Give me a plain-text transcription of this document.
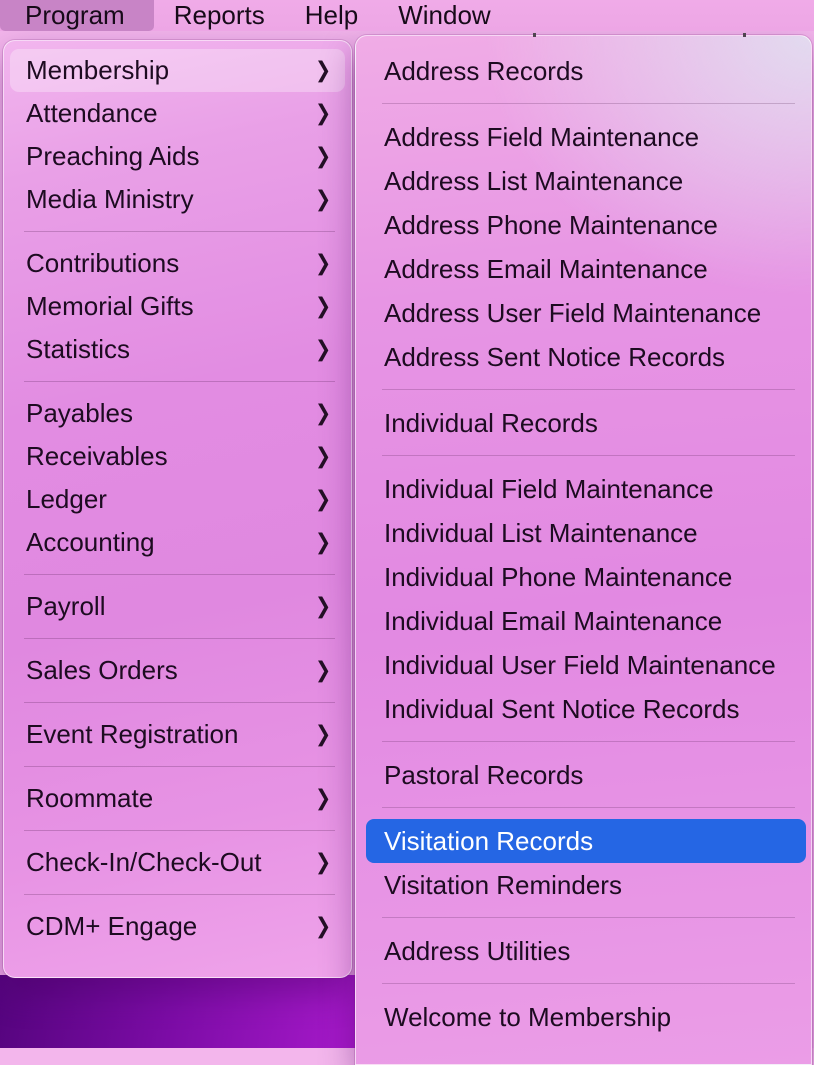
Program	Reports	Help	Window
Membership	❯
Attendance	❯
Preaching Aids	❯
Media Ministry	❯
Contributions	❯
Memorial Gifts	❯
Statistics	❯
Payables	❯
Receivables	❯
Ledger	❯
Accounting	❯
Payroll	❯
Sales Orders	❯
Event Registration	❯
Roommate	❯
Check-In/Check-Out	❯
CDM+ Engage	❯
Address Records
Address Field Maintenance
Address List Maintenance
Address Phone Maintenance
Address Email Maintenance
Address User Field Maintenance
Address Sent Notice Records
Individual Records
Individual Field Maintenance
Individual List Maintenance
Individual Phone Maintenance
Individual Email Maintenance
Individual User Field Maintenance
Individual Sent Notice Records
Pastoral Records
Visitation Records
Visitation Reminders
Address Utilities
Welcome to Membership
